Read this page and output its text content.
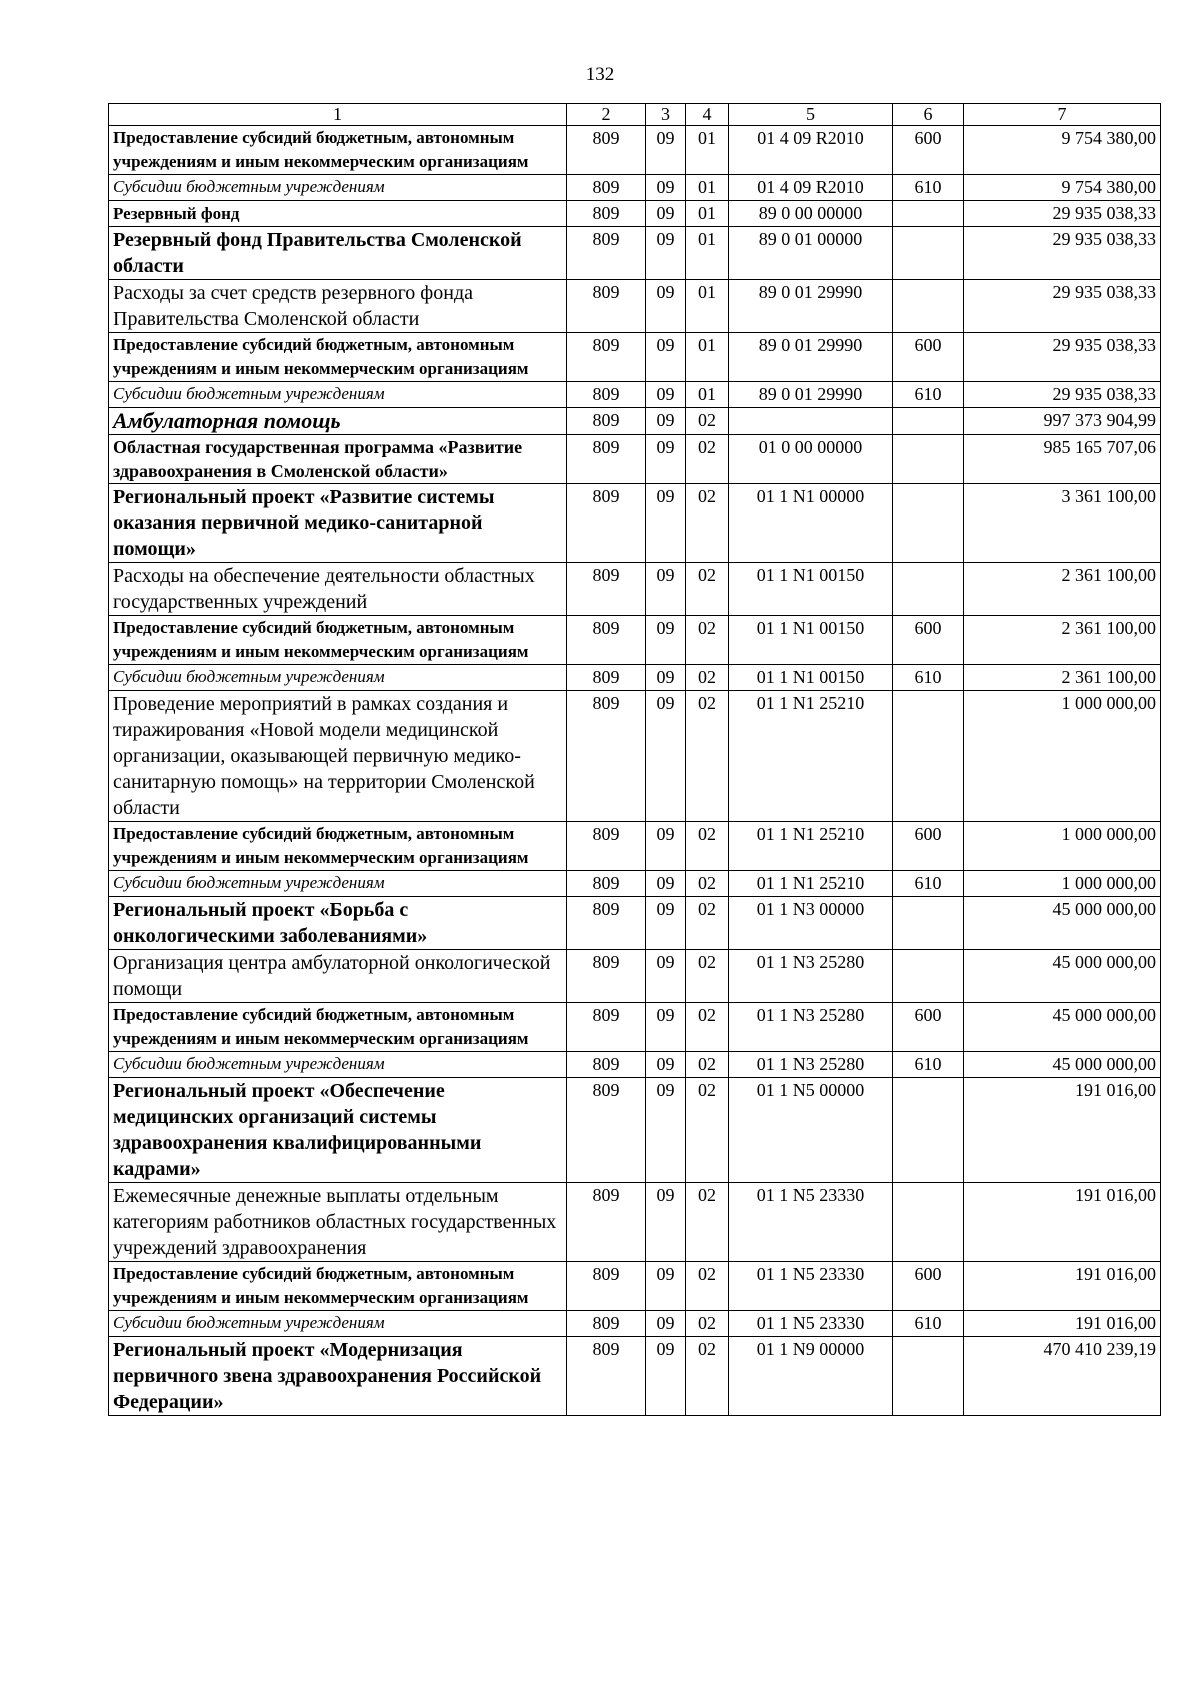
132
1	2	3	4	5	6	7
Предоставление субсидий бюджетным, автономным учреждениям и иным некоммерческим организациям	809	09	01	01 4 09 R2010	600	9 754 380,00
Субсидии бюджетным учреждениям	809	09	01	01 4 09 R2010	610	9 754 380,00
Резервный фонд	809	09	01	89 0 00 00000		29 935 038,33
Резервный фонд Правительства Смоленской области	809	09	01	89 0 01 00000		29 935 038,33
Расходы за счет средств резервного фонда Правительства Смоленской области	809	09	01	89 0 01 29990		29 935 038,33
Предоставление субсидий бюджетным, автономным учреждениям и иным некоммерческим организациям	809	09	01	89 0 01 29990	600	29 935 038,33
Субсидии бюджетным учреждениям	809	09	01	89 0 01 29990	610	29 935 038,33
Амбулаторная помощь	809	09	02			997 373 904,99
Областная государственная программа «Развитие здравоохранения в Смоленской области»	809	09	02	01 0 00 00000		985 165 707,06
Региональный проект «Развитие системы оказания первичной медико-санитарной помощи»	809	09	02	01 1 N1 00000		3 361 100,00
Расходы на обеспечение деятельности областных государственных учреждений	809	09	02	01 1 N1 00150		2 361 100,00
Предоставление субсидий бюджетным, автономным учреждениям и иным некоммерческим организациям	809	09	02	01 1 N1 00150	600	2 361 100,00
Субсидии бюджетным учреждениям	809	09	02	01 1 N1 00150	610	2 361 100,00
Проведение мероприятий в рамках создания и тиражирования «Новой модели медицинской организации, оказывающей первичную медико-санитарную помощь» на территории Смоленской области	809	09	02	01 1 N1 25210		1 000 000,00
Предоставление субсидий бюджетным, автономным учреждениям и иным некоммерческим организациям	809	09	02	01 1 N1 25210	600	1 000 000,00
Субсидии бюджетным учреждениям	809	09	02	01 1 N1 25210	610	1 000 000,00
Региональный проект «Борьба с онкологическими заболеваниями»	809	09	02	01 1 N3 00000		45 000 000,00
Организация центра амбулаторной онкологической помощи	809	09	02	01 1 N3 25280		45 000 000,00
Предоставление субсидий бюджетным, автономным учреждениям и иным некоммерческим организациям	809	09	02	01 1 N3 25280	600	45 000 000,00
Субсидии бюджетным учреждениям	809	09	02	01 1 N3 25280	610	45 000 000,00
Региональный проект «Обеспечение медицинских организаций системы здравоохранения квалифицированными кадрами»	809	09	02	01 1 N5 00000		191 016,00
Ежемесячные денежные выплаты отдельным категориям работников областных государственных учреждений здравоохранения	809	09	02	01 1 N5 23330		191 016,00
Предоставление субсидий бюджетным, автономным учреждениям и иным некоммерческим организациям	809	09	02	01 1 N5 23330	600	191 016,00
Субсидии бюджетным учреждениям	809	09	02	01 1 N5 23330	610	191 016,00
Региональный проект «Модернизация первичного звена здравоохранения Российской Федерации»	809	09	02	01 1 N9 00000		470 410 239,19
